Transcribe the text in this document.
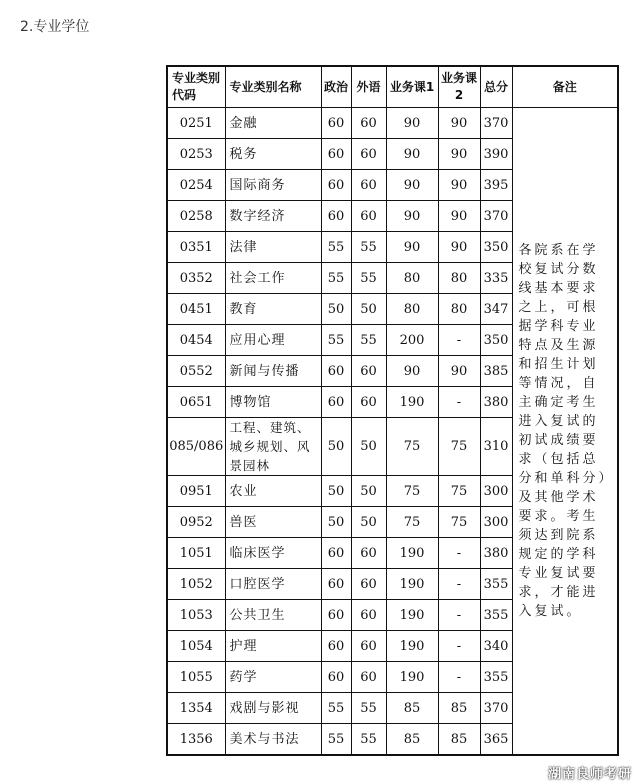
2.专业学位
专业类别代码	专业类别名称	政治	外语	业务课1	业务课2	总分	备注
0251	金融	60	60	90	90	370	各院系在学校复试分数线基本要求之上，可根据学科专业特点及生源和招生计划等情况，自主确定考生进入复试的初试成绩要求（包括总分和单科分）及其他学术要求。考生须达到院系规定的学科专业复试要求，才能进入复试。
0253	税务	60	60	90	90	390	
0254	国际商务	60	60	90	90	395	
0258	数字经济	60	60	90	90	370	
0351	法律	55	55	90	90	350	
0352	社会工作	55	55	80	80	335	
0451	教育	50	50	80	80	347	
0454	应用心理	55	55	200	-	350	
0552	新闻与传播	60	60	90	90	385	
0651	博物馆	60	60	190	-	380	
085/086	工程、建筑、城乡规划、风景园林	50	50	75	75	310	
0951	农业	50	50	75	75	300	
0952	兽医	50	50	75	75	300	
1051	临床医学	60	60	190	-	380	
1052	口腔医学	60	60	190	-	355	
1053	公共卫生	60	60	190	-	355	
1054	护理	60	60	190	-	340	
1055	药学	60	60	190	-	355	
1354	戏剧与影视	55	55	85	85	370	
1356	美术与书法	55	55	85	85	365	
湖南良师考研
